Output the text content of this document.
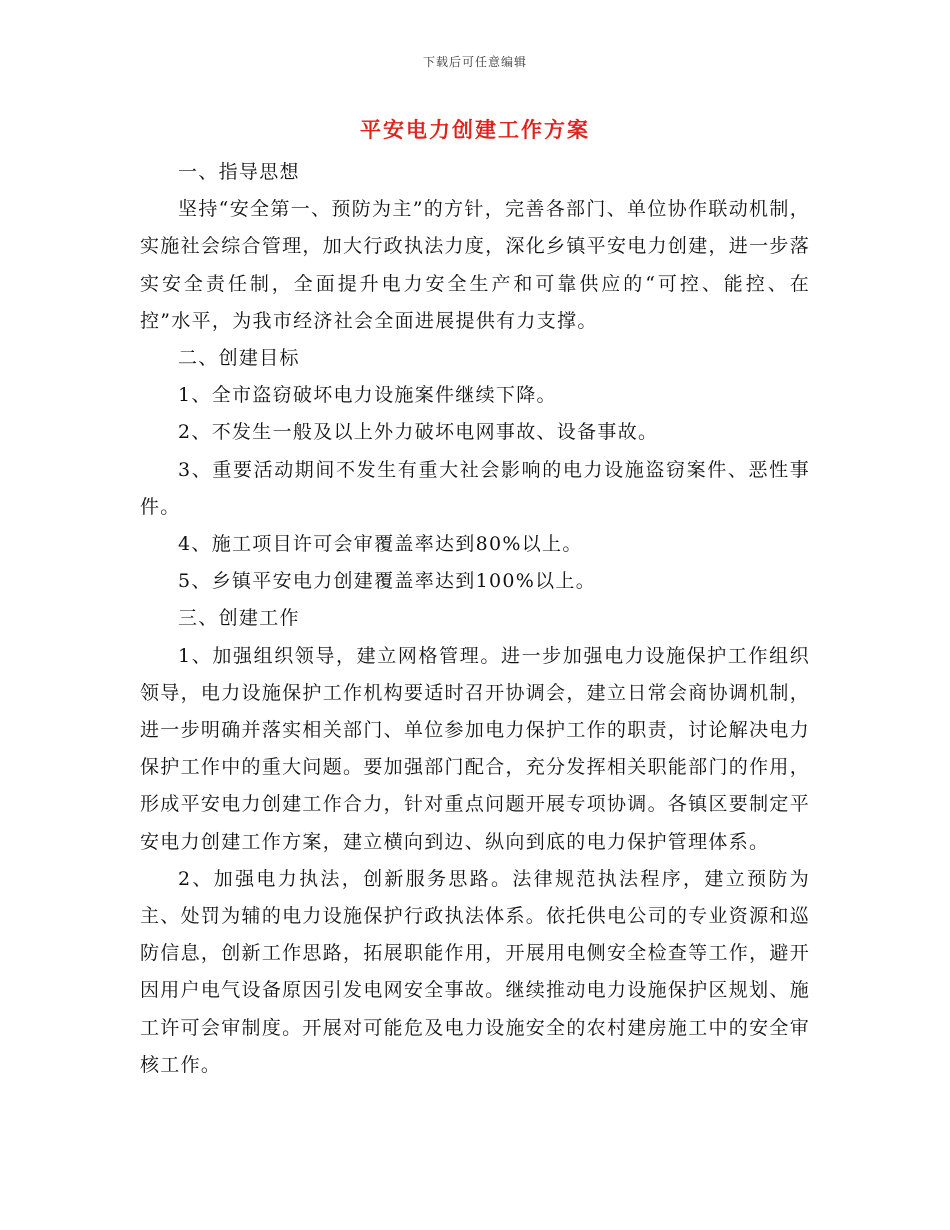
下载后可任意编辑
平安电力创建工作方案

一、指导思想

坚持“安全第一、预防为主”的方针，完善各部门、单位协作联动机制，实施社会综合管理，加大行政执法力度，深化乡镇平安电力创建，进一步落实安全责任制，全面提升电力安全生产和可靠供应的“可控、能控、在控”水平，为我市经济社会全面进展提供有力支撑。

二、创建目标

1、全市盗窃破坏电力设施案件继续下降。

2、不发生一般及以上外力破坏电网事故、设备事故。

3、重要活动期间不发生有重大社会影响的电力设施盗窃案件、恶性事件。

4、施工项目许可会审覆盖率达到80%以上。

5、乡镇平安电力创建覆盖率达到100%以上。

三、创建工作

1、加强组织领导，建立网格管理。进一步加强电力设施保护工作组织领导，电力设施保护工作机构要适时召开协调会，建立日常会商协调机制，进一步明确并落实相关部门、单位参加电力保护工作的职责，讨论解决电力保护工作中的重大问题。要加强部门配合，充分发挥相关职能部门的作用，形成平安电力创建工作合力，针对重点问题开展专项协调。各镇区要制定平安电力创建工作方案，建立横向到边、纵向到底的电力保护管理体系。

2、加强电力执法，创新服务思路。法律规范执法程序，建立预防为主、处罚为辅的电力设施保护行政执法体系。依托供电公司的专业资源和巡防信息，创新工作思路，拓展职能作用，开展用电侧安全检查等工作，避开因用户电气设备原因引发电网安全事故。继续推动电力设施保护区规划、施工许可会审制度。开展对可能危及电力设施安全的农村建房施工中的安全审核工作。
